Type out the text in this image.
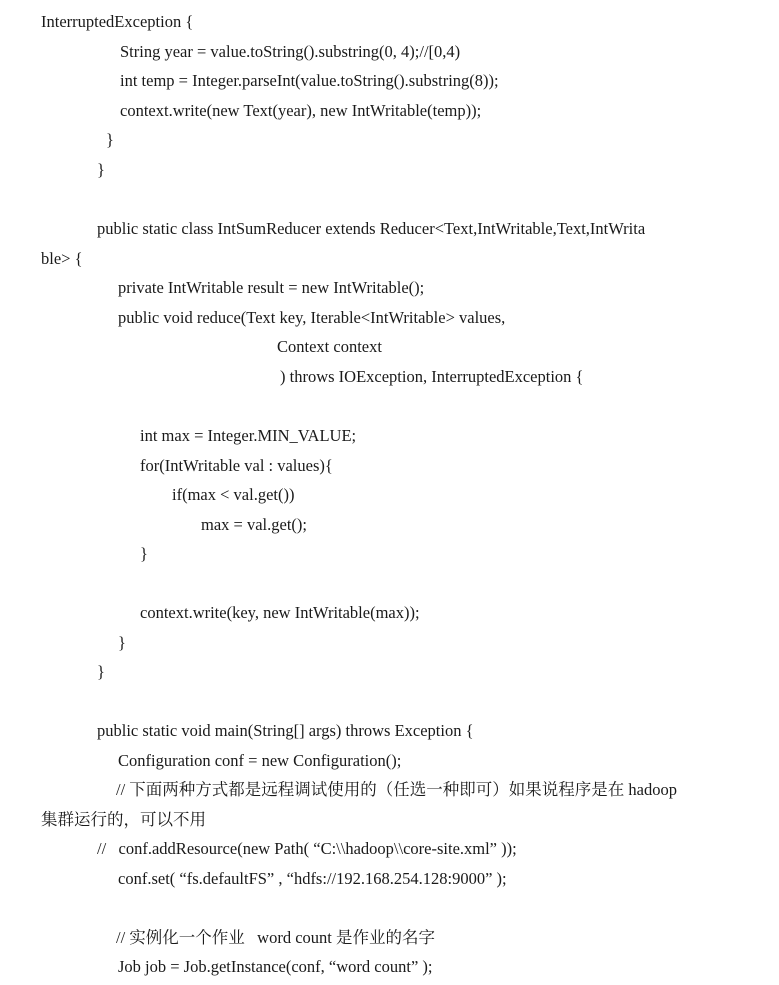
InterruptedException {
String year = value.toString().substring(0, 4);//[0,4)
int temp = Integer.parseInt(value.toString().substring(8));
context.write(new Text(year), new IntWritable(temp));
}
}
public static class IntSumReducer extends Reducer<Text,IntWritable,Text,IntWrita
ble> {
private IntWritable result = new IntWritable();
public void reduce(Text key, Iterable<IntWritable> values,
Context context
) throws IOException, InterruptedException {
int max = Integer.MIN_VALUE;
for(IntWritable val : values){
if(max < val.get())
max = val.get();
}
context.write(key, new IntWritable(max));
}
}
public static void main(String[] args) throws Exception {
Configuration conf = new Configuration();
// 下面两种方式都是远程调试使用的（任选一种即可）如果说程序是在 hadoop
集群运行的，可以不用
//   conf.addResource(new Path( “C:\\hadoop\\core-site.xml” ));
conf.set( “fs.defaultFS” , “hdfs://192.168.254.128:9000” );
// 实例化一个作业   word count 是作业的名字
Job job = Job.getInstance(conf, “word count” );
